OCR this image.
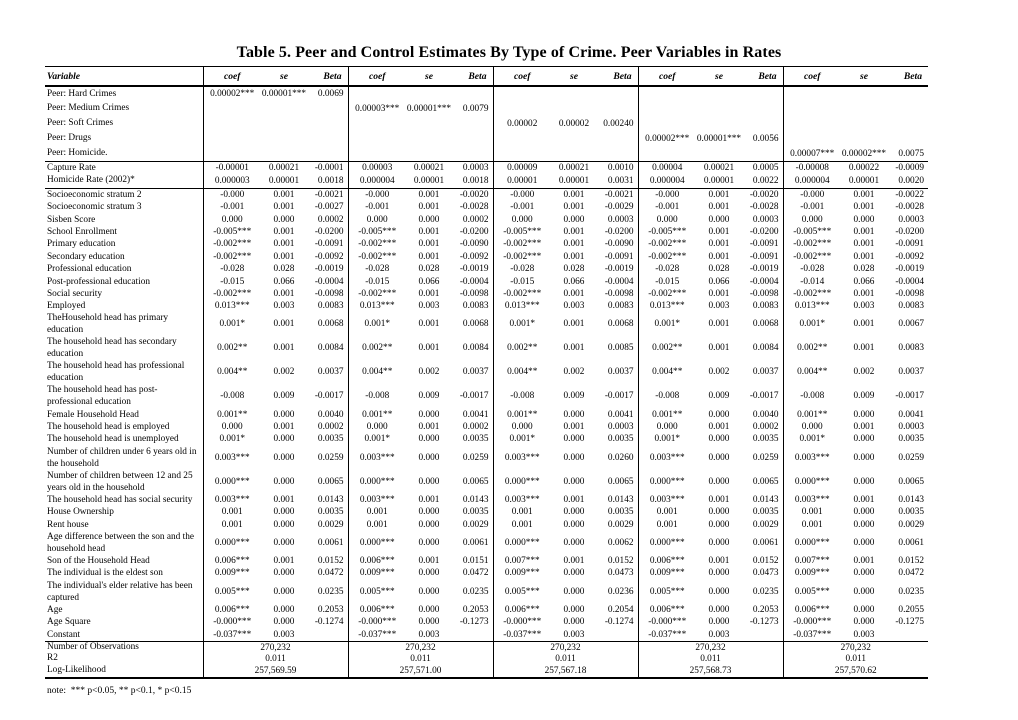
Table 5. Peer and Control Estimates By Type of Crime. Peer Variables in Rates
Variable	coef	se	Beta	coef	se	Beta	coef	se	Beta	coef	se	Beta	coef	se	Beta
Peer: Hard Crimes	0.00002***	0.00001***	0.0069												
Peer: Medium Crimes				0.00003***	0.00001***	0.0079									
Peer: Soft Crimes							0.00002	0.00002	0.00240						
Peer: Drugs										0.00002***	0.00001***	0.0056			
Peer: Homicide.													0.00007***	0.00002***	0.0075
Capture Rate	-0.00001	0.00021	-0.0001	0.00003	0.00021	0.0003	0.00009	0.00021	0.0010	0.00004	0.00021	0.0005	-0.00008	0.00022	-0.0009
Homicide Rate (2002)*	0.000003	0.00001	0.0018	0.000004	0.00001	0.0018	0.00001	0.00001	0.0031	0.000004	0.00001	0.0022	0.000004	0.00001	0.0020
Socioeconomic stratum 2	-0.000	0.001	-0.0021	-0.000	0.001	-0.0020	-0.000	0.001	-0.0021	-0.000	0.001	-0.0020	-0.000	0.001	-0.0022
Socioeconomic stratum 3	-0.001	0.001	-0.0027	-0.001	0.001	-0.0028	-0.001	0.001	-0.0029	-0.001	0.001	-0.0028	-0.001	0.001	-0.0028
Sisben Score	0.000	0.000	0.0002	0.000	0.000	0.0002	0.000	0.000	0.0003	0.000	0.000	0.0003	0.000	0.000	0.0003
School Enrollment	-0.005***	0.001	-0.0200	-0.005***	0.001	-0.0200	-0.005***	0.001	-0.0200	-0.005***	0.001	-0.0200	-0.005***	0.001	-0.0200
Primary education	-0.002***	0.001	-0.0091	-0.002***	0.001	-0.0090	-0.002***	0.001	-0.0090	-0.002***	0.001	-0.0091	-0.002***	0.001	-0.0091
Secondary education	-0.002***	0.001	-0.0092	-0.002***	0.001	-0.0092	-0.002***	0.001	-0.0091	-0.002***	0.001	-0.0091	-0.002***	0.001	-0.0092
Professional education	-0.028	0.028	-0.0019	-0.028	0.028	-0.0019	-0.028	0.028	-0.0019	-0.028	0.028	-0.0019	-0.028	0.028	-0.0019
Post-professional education	-0.015	0.066	-0.0004	-0.015	0.066	-0.0004	-0.015	0.066	-0.0004	-0.015	0.066	-0.0004	-0.014	0.066	-0.0004
Social security	-0.002***	0.001	-0.0098	-0.002***	0.001	-0.0098	-0.002***	0.001	-0.0098	-0.002***	0.001	-0.0098	-0.002***	0.001	-0.0098
Employed	0.013***	0.003	0.0083	0.013***	0.003	0.0083	0.013***	0.003	0.0083	0.013***	0.003	0.0083	0.013***	0.003	0.0083
TheHousehold head has primary education	0.001*	0.001	0.0068	0.001*	0.001	0.0068	0.001*	0.001	0.0068	0.001*	0.001	0.0068	0.001*	0.001	0.0067
The household head has secondary education	0.002**	0.001	0.0084	0.002**	0.001	0.0084	0.002**	0.001	0.0085	0.002**	0.001	0.0084	0.002**	0.001	0.0083
The household head has professional education	0.004**	0.002	0.0037	0.004**	0.002	0.0037	0.004**	0.002	0.0037	0.004**	0.002	0.0037	0.004**	0.002	0.0037
The household head has post-professional education	-0.008	0.009	-0.0017	-0.008	0.009	-0.0017	-0.008	0.009	-0.0017	-0.008	0.009	-0.0017	-0.008	0.009	-0.0017
Female Household Head	0.001**	0.000	0.0040	0.001**	0.000	0.0041	0.001**	0.000	0.0041	0.001**	0.000	0.0040	0.001**	0.000	0.0041
The household head is employed	0.000	0.001	0.0002	0.000	0.001	0.0002	0.000	0.001	0.0003	0.000	0.001	0.0002	0.000	0.001	0.0003
The household head is unemployed	0.001*	0.000	0.0035	0.001*	0.000	0.0035	0.001*	0.000	0.0035	0.001*	0.000	0.0035	0.001*	0.000	0.0035
Number of children under 6 years old in the household	0.003***	0.000	0.0259	0.003***	0.000	0.0259	0.003***	0.000	0.0260	0.003***	0.000	0.0259	0.003***	0.000	0.0259
Number of children between 12 and 25 years old in the household	0.000***	0.000	0.0065	0.000***	0.000	0.0065	0.000***	0.000	0.0065	0.000***	0.000	0.0065	0.000***	0.000	0.0065
The household head has social security	0.003***	0.001	0.0143	0.003***	0.001	0.0143	0.003***	0.001	0.0143	0.003***	0.001	0.0143	0.003***	0.001	0.0143
House Ownership	0.001	0.000	0.0035	0.001	0.000	0.0035	0.001	0.000	0.0035	0.001	0.000	0.0035	0.001	0.000	0.0035
Rent house	0.001	0.000	0.0029	0.001	0.000	0.0029	0.001	0.000	0.0029	0.001	0.000	0.0029	0.001	0.000	0.0029
Age difference between the son and the household head	0.000***	0.000	0.0061	0.000***	0.000	0.0061	0.000***	0.000	0.0062	0.000***	0.000	0.0061	0.000***	0.000	0.0061
Son of the Household Head	0.006***	0.001	0.0152	0.006***	0.001	0.0151	0.007***	0.001	0.0152	0.006***	0.001	0.0152	0.007***	0.001	0.0152
The individual is the eldest son	0.009***	0.000	0.0472	0.009***	0.000	0.0472	0.009***	0.000	0.0473	0.009***	0.000	0.0473	0.009***	0.000	0.0472
The individual's elder relative has been captured	0.005***	0.000	0.0235	0.005***	0.000	0.0235	0.005***	0.000	0.0236	0.005***	0.000	0.0235	0.005***	0.000	0.0235
Age	0.006***	0.000	0.2053	0.006***	0.000	0.2053	0.006***	0.000	0.2054	0.006***	0.000	0.2053	0.006***	0.000	0.2055
Age Square	-0.000***	0.000	-0.1274	-0.000***	0.000	-0.1273	-0.000***	0.000	-0.1274	-0.000***	0.000	-0.1273	-0.000***	0.000	-0.1275
Constant	-0.037***	0.003		-0.037***	0.003		-0.037***	0.003		-0.037***	0.003		-0.037***	0.003	
Number of Observations	270,232			270,232			270,232			270,232			270,232		
R2	0.011			0.011			0.011			0.011			0.011		
Log-Likelihood	257,569.59			257,571.00			257,567.18			257,568.73			257,570.62		
note:  *** p<0.05, ** p<0.1, * p<0.15
